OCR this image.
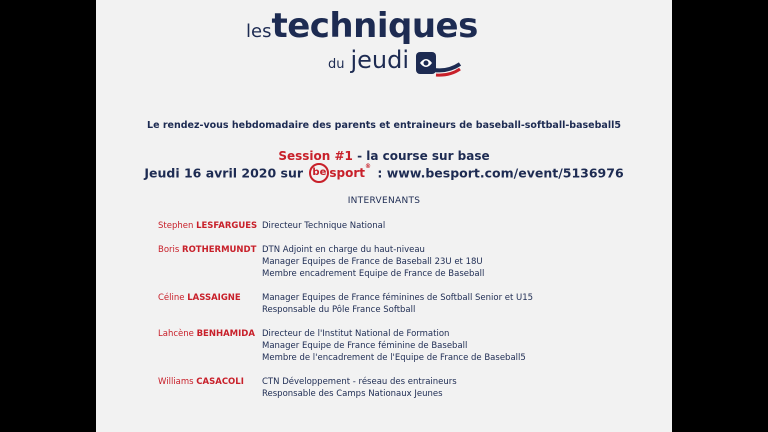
lestechniques
du jeudi
Le rendez-vous hebdomadaire des parents et entraineurs de baseball-softball-baseball5
Session #1 - la course sur base
Jeudi 16 avril 2020 sur be sport® : www.besport.com/event/5136976
INTERVENANTS
Stephen LESFARGUES Directeur Technique National
Boris ROTHERMUNDT DTN Adjoint en charge du haut-niveau
Manager Equipes de France de Baseball 23U et 18U
Membre encadrement Equipe de France de Baseball
Céline LASSAIGNE	Manager Equipes de France féminines de Softball Senior et U15
Responsable du Pôle France Softball
Lahcène BENHAMIDA Directeur de l'Institut National de Formation
Manager Equipe de France féminine de Baseball
Membre de l'encadrement de l'Equipe de France de Baseball5
Williams CASACOLI	CTN Développement - réseau des entraineurs
Responsable des Camps Nationaux Jeunes
